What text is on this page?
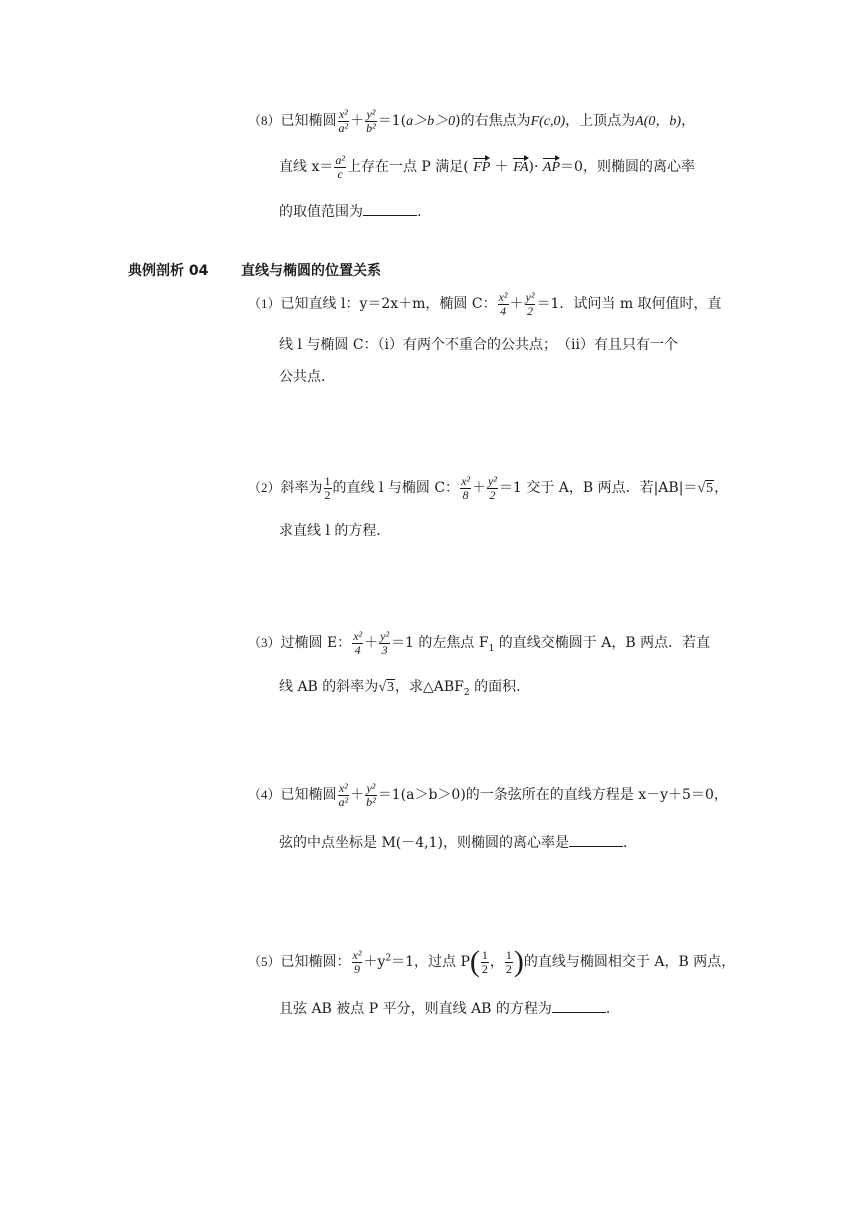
（8）已知椭圆 $\frac{\text{x²}}{\text{a²}} + \frac{\text{y²}}{\text{b²}} =1(a>b>0)$的右焦点为F(c,0)，上顶点为A(0，b)，
直线 $x= \frac{\text{a²}}{c}$ 上存在一点 P 满足( FP ＋ FA)· AP＝0，则椭圆的离心率
的取值范围为	.
典例剖析 04 直线与椭圆的位置关系
（1）已知直线 l：y＝2x＋m，椭圆 C： $\frac{\text{x²}}{4} + \frac{\text{y²}}{2} =1$．试问当 m 取何值时，直
线 l 与椭圆 C：（ⅰ）有两个不重合的公共点；　（ⅱ）有且只有一个
公共点．
（2）斜率为 $\frac{1}{2}$ 的直线 l 与椭圆 C： $\frac{\text{x²}}{8} + \frac{\text{y²}}{2} =1$ 交于 A，B 两点．若|AB|＝√5，
求直线 l 的方程．
（3）过椭圆 E： $\frac{\text{x²}}{4} + \frac{\text{y²}}{3} =1$ 的左焦点 $F_1$ 的直线交椭圆于 A，B 两点．若直
线 AB 的斜率为√3，求$\triangle ABF_2$ 的面积．
（4）已知椭圆 $\frac{\text{x²}}{\text{a²}} + \frac{\text{y²}}{\text{b²}} =1(a>b>0)$的一条弦所在的直线方程是 x－y＋5＝0，
弦的中点坐标是 M(－4,1)，则椭圆的离心率是	.
（5）已知椭圆： $\frac{\text{x²}}{9} +y^2=1$，过点 $P( \frac{1}{2}$ ， $\frac{1}{2}$ )的直线与椭圆相交于 A，B 两点，
且弦 AB 被点 P 平分，则直线 AB 的方程为	.
